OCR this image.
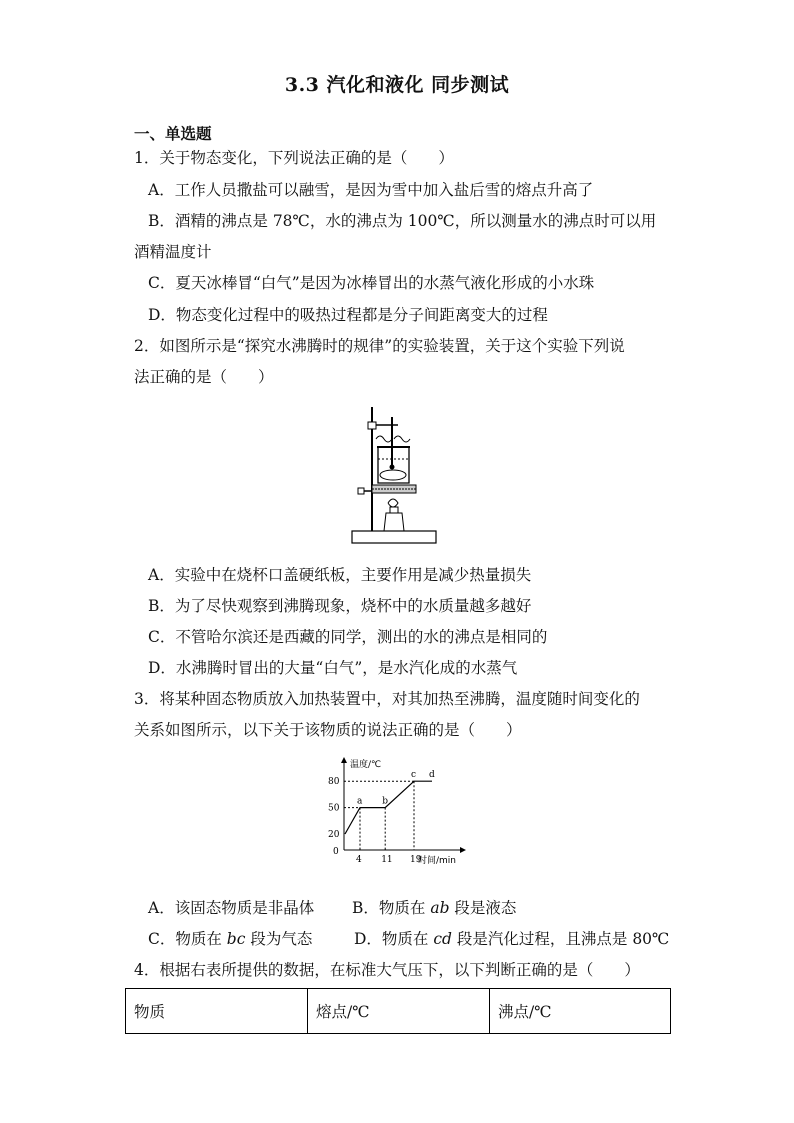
3.3 汽化和液化 同步测试
一、单选题
1．关于物态变化，下列说法正确的是（　　）
A．工作人员撒盐可以融雪，是因为雪中加入盐后雪的熔点升高了
B．酒精的沸点是 78℃，水的沸点为 100℃，所以测量水的沸点时可以用
酒精温度计
C．夏天冰棒冒“白气”是因为冰棒冒出的水蒸气液化形成的小水珠
D．物态变化过程中的吸热过程都是分子间距离变大的过程
2．如图所示是“探究水沸腾时的规律”的实验装置，关于这个实验下列说
法正确的是（　　）
A．实验中在烧杯口盖硬纸板，主要作用是减少热量损失
B．为了尽快观察到沸腾现象，烧杯中的水质量越多越好
C．不管哈尔滨还是西藏的同学，测出的水的沸点是相同的
D．水沸腾时冒出的大量“白气”，是水汽化成的水蒸气
3．将某种固态物质放入加热装置中，对其加热至沸腾，温度随时间变化的
关系如图所示，以下关于该物质的说法正确的是（　　）
温度/℃
时间/min
0
20
50
80
4 11 19
a b
c d
A．该固态物质是非晶体 B．物质在 ab 段是液态
C．物质在 bc 段为气态	D．物质在 cd 段是汽化过程，且沸点是 80℃
4．根据右表所提供的数据，在标准大气压下，以下判断正确的是（　　）
物质	熔点/℃	沸点/℃
